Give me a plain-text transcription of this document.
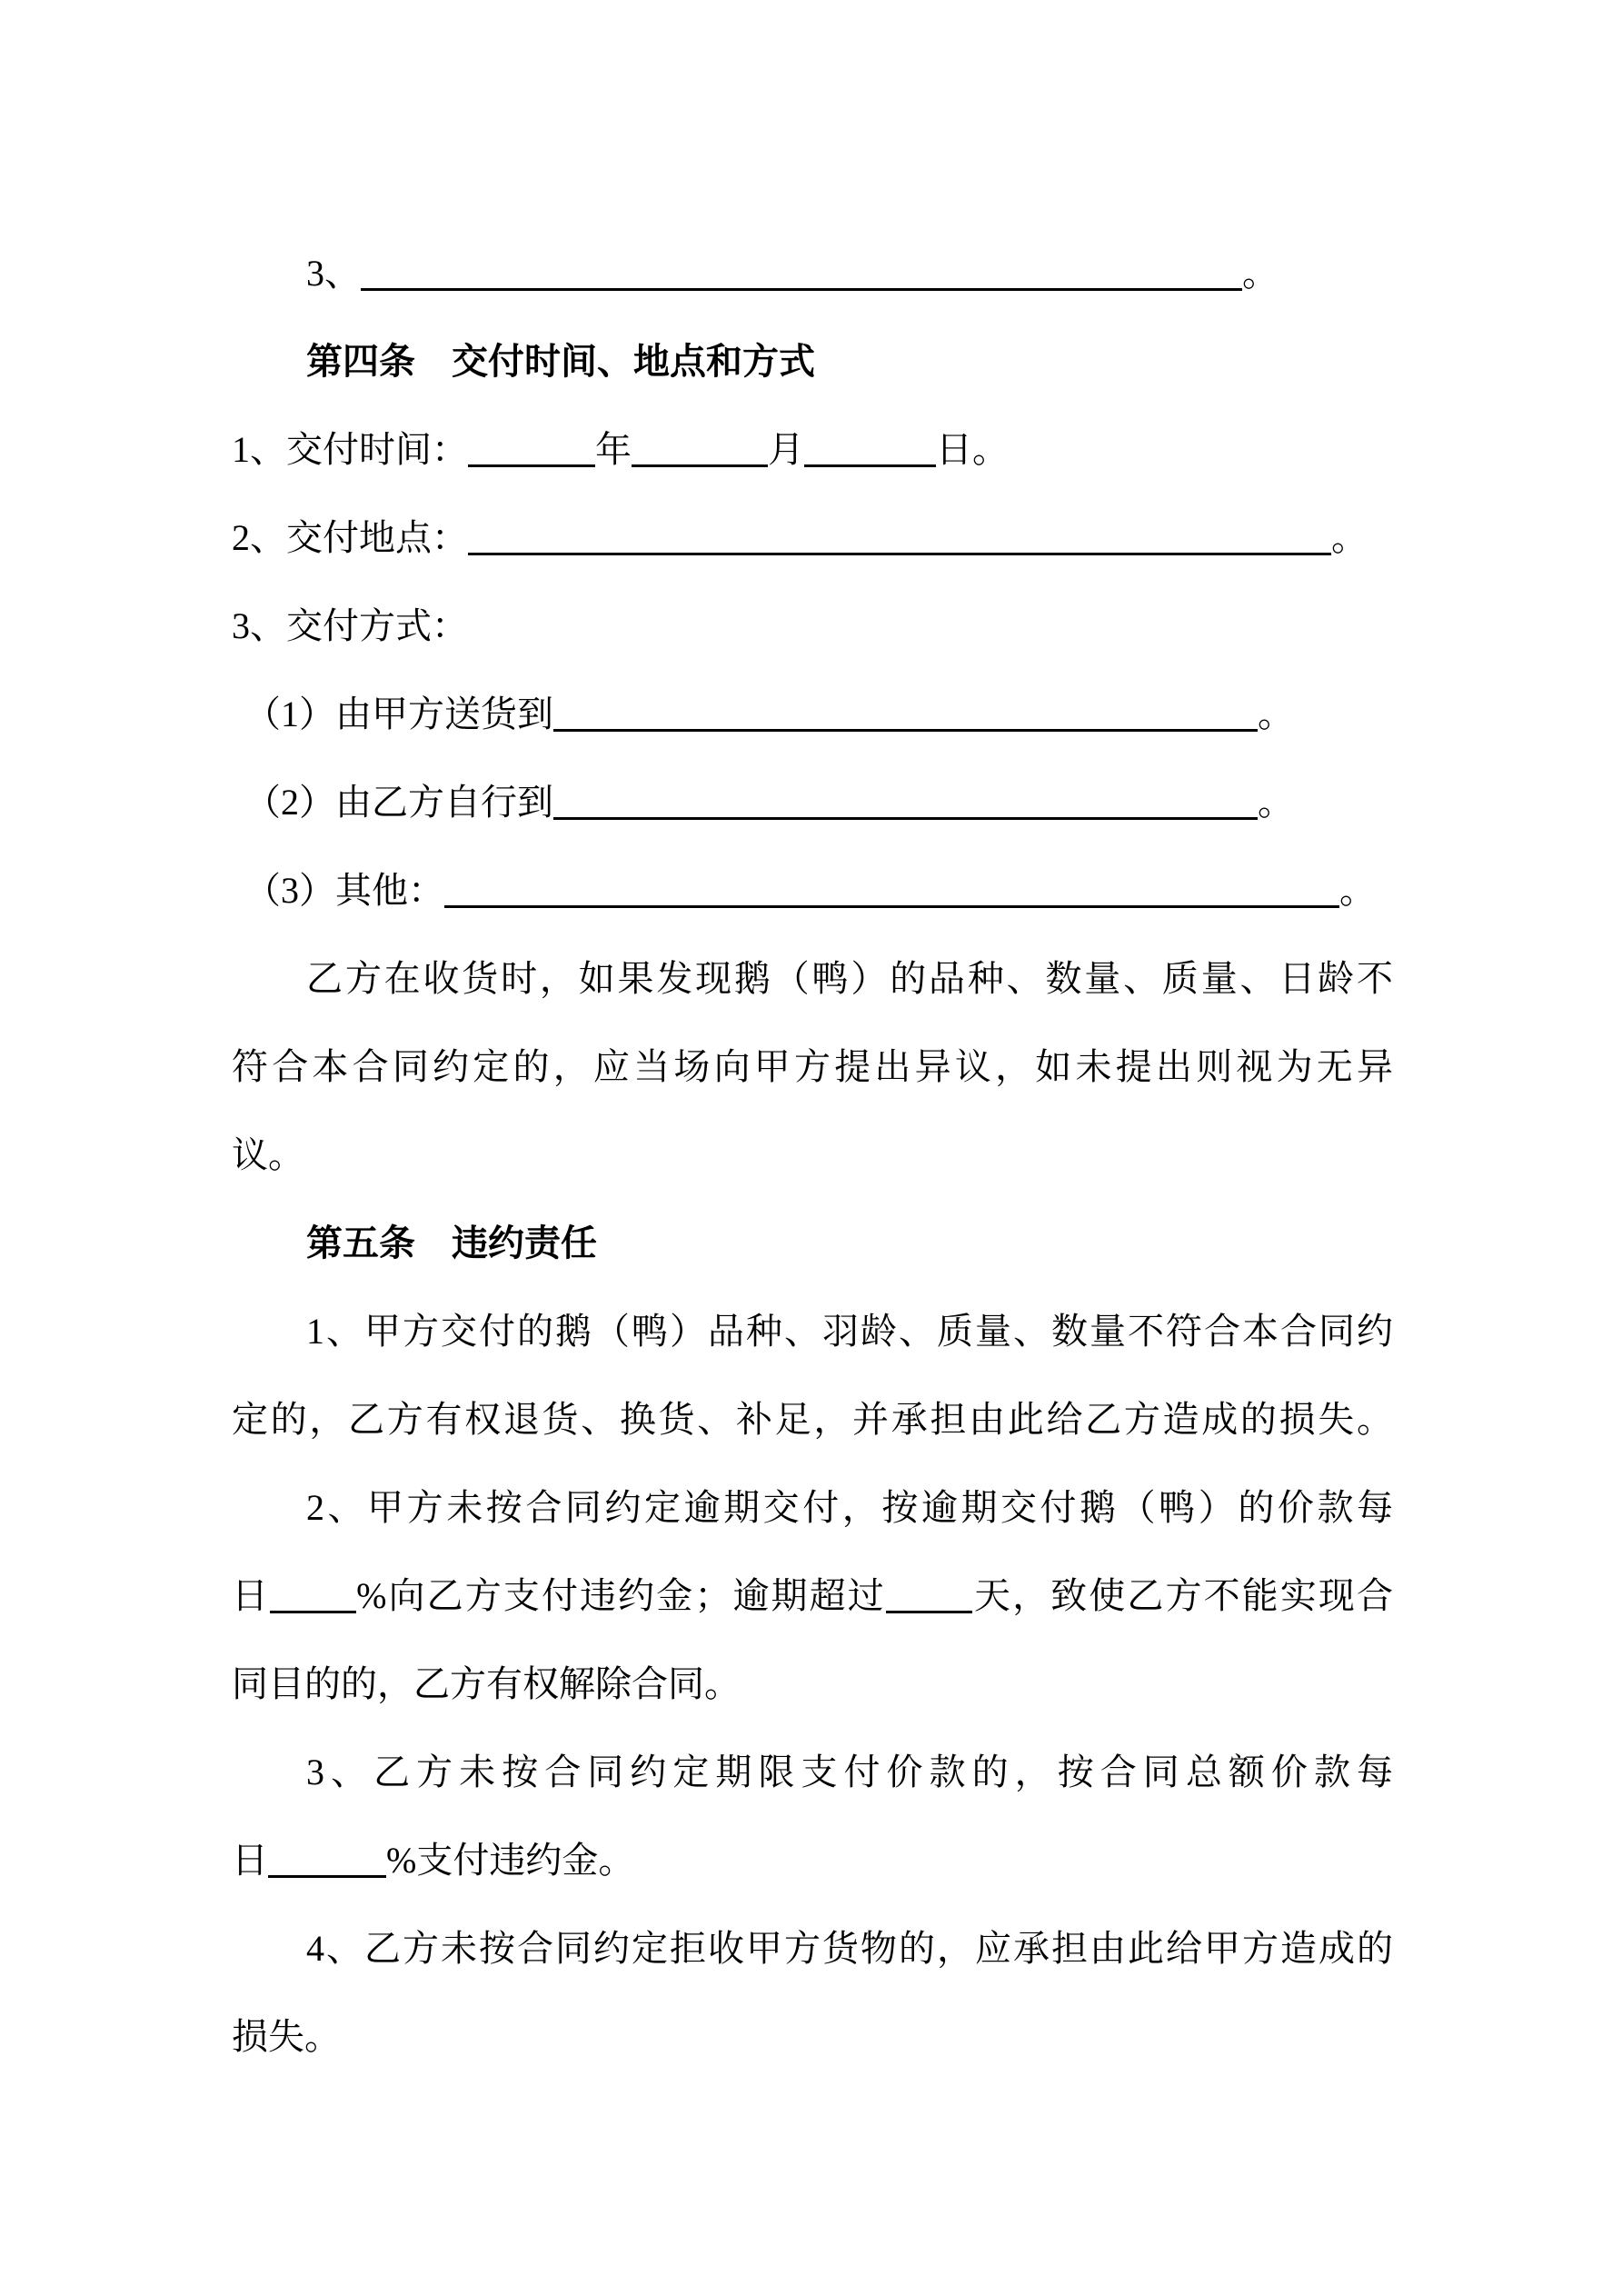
3、	。
第四条　交付时间、地点和方式
1、交付时间：	年	月	日。
2、交付地点：	。
3、交付方式：
（1）由甲方送货到	。
（2）由乙方自行到	。
（3）其他：	。
乙方在收货时，如果发现鹅（鸭）的品种、数量、质量、日龄不
符合本合同约定的，应当场向甲方提出异议，如未提出则视为无异
议。
第五条　违约责任
1、甲方交付的鹅（鸭）品种、羽龄、质量、数量不符合本合同约
定的，乙方有权退货、换货、补足，并承担由此给乙方造成的损失。
2、甲方未按合同约定逾期交付，按逾期交付鹅（鸭）的价款每
日 %向乙方支付违约金；逾期超过 天，致使乙方不能实现合
同目的的，乙方有权解除合同。
3、乙方未按合同约定期限支付价款的，按合同总额价款每
日	%支付违约金。
4、乙方未按合同约定拒收甲方货物的，应承担由此给甲方造成的
损失。
